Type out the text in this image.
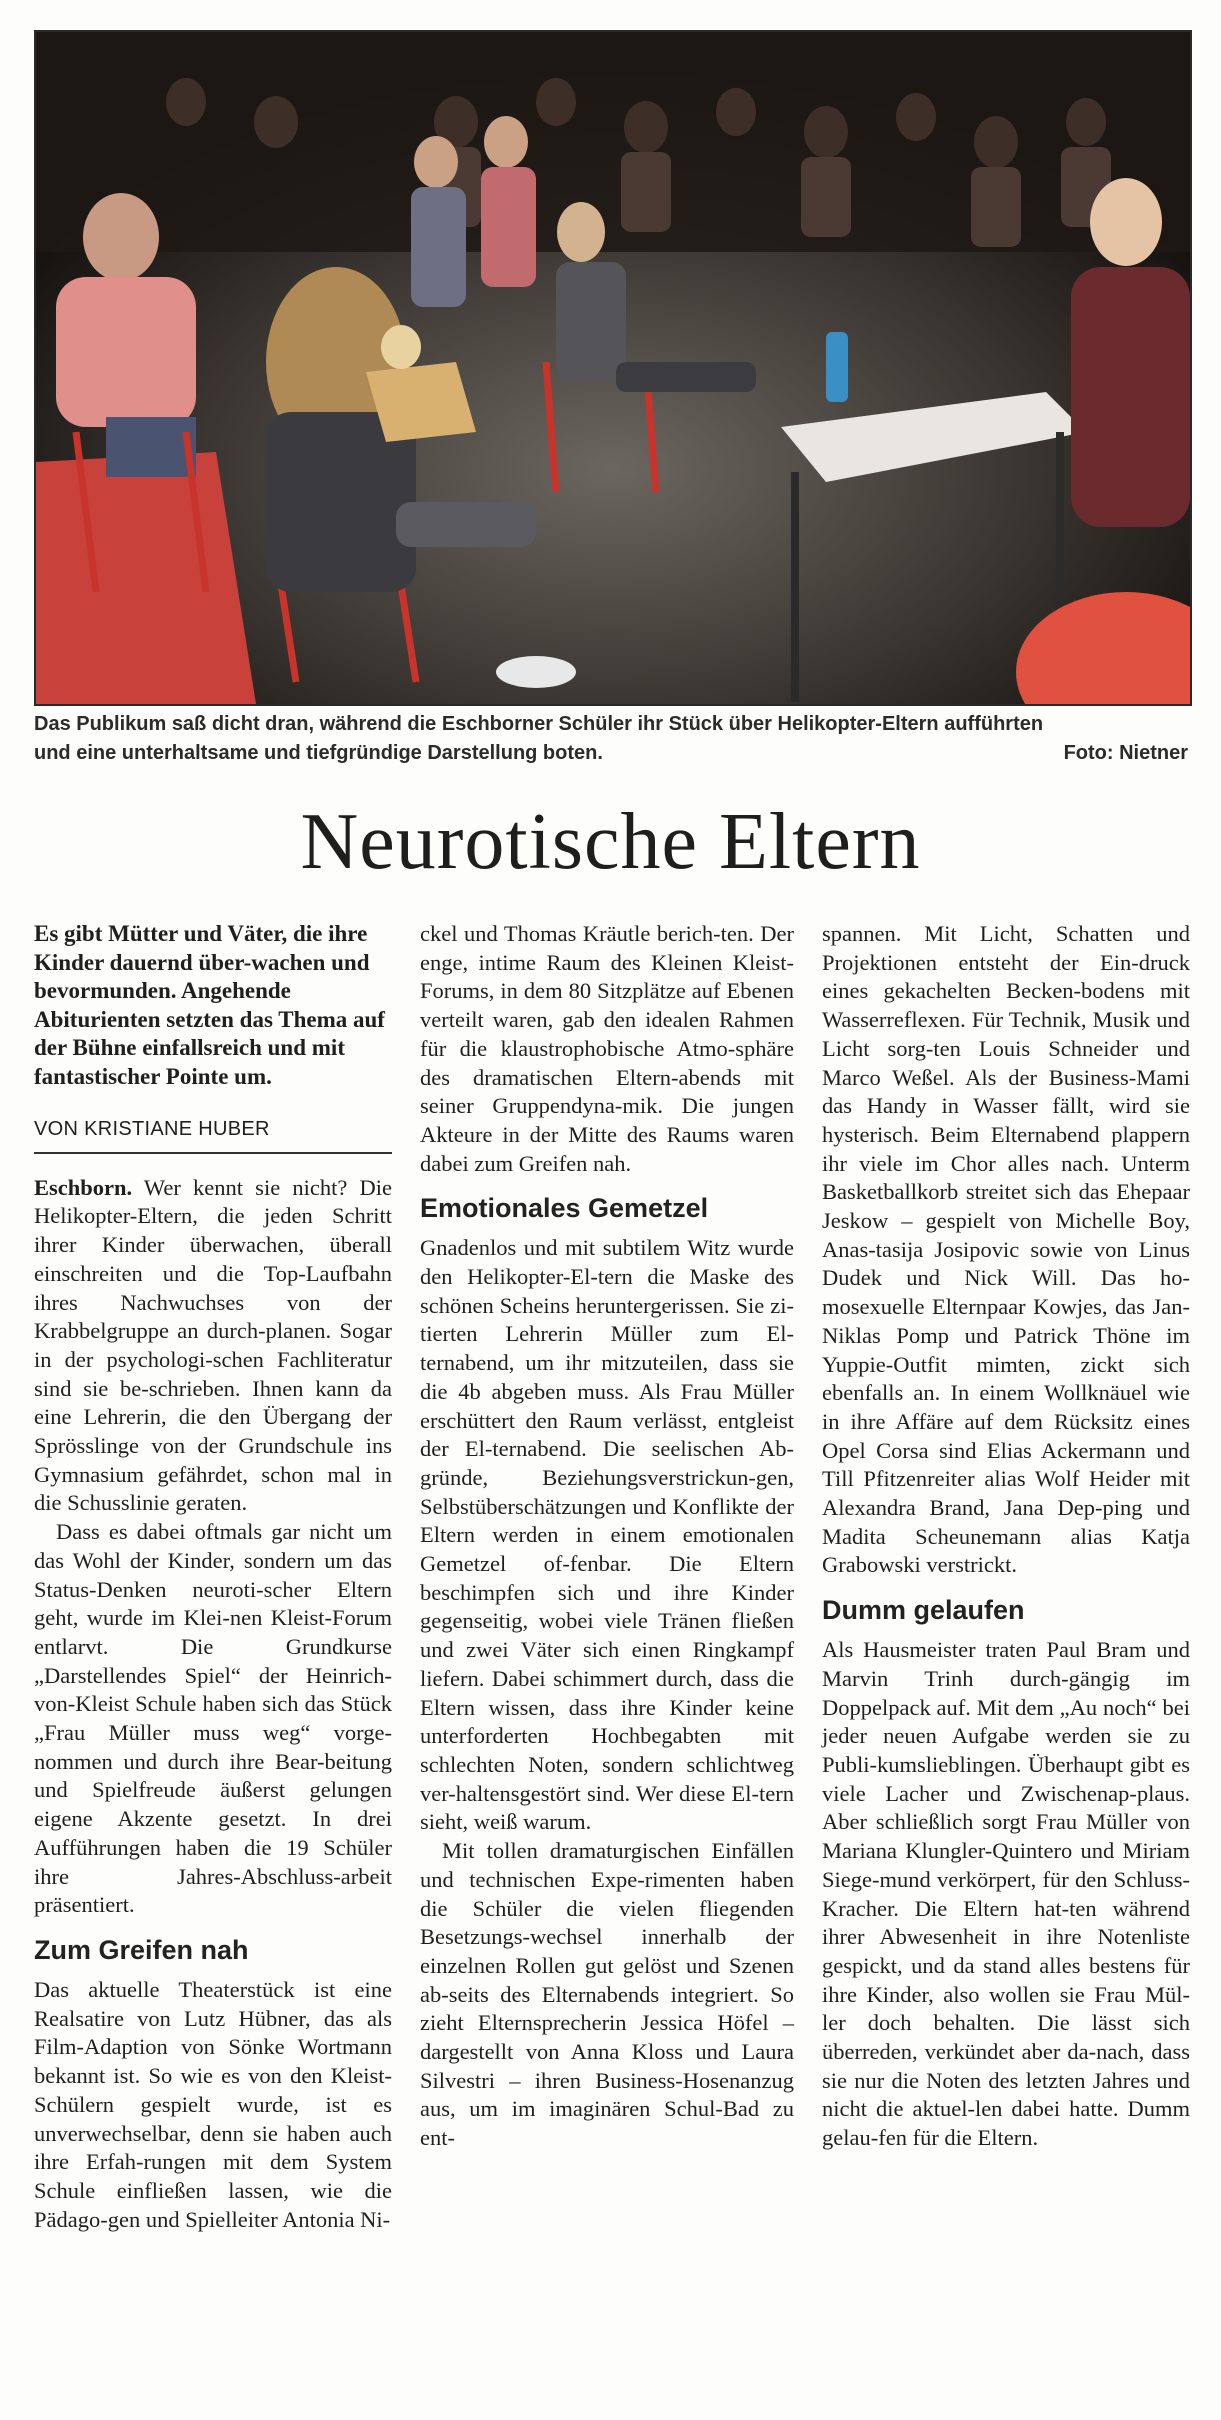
Das Publikum saß dicht dran, während die Eschborner Schüler ihr Stück über Helikopter-Eltern aufführten
und eine unterhaltsame und tiefgründige Darstellung boten.	Foto: Nietner
Neurotische Eltern

Es gibt Mütter und Väter, die ihre Kinder dauernd über-wachen und bevormunden. Angehende Abiturienten setzten das Thema auf der Bühne einfallsreich und mit fantastischer Pointe um.

VON KRISTIANE HUBER

Eschborn. Wer kennt sie nicht? Die Helikopter-Eltern, die jeden Schritt ihrer Kinder überwachen, überall einschreiten und die Top-Laufbahn ihres Nachwuchses von der Krabbelgruppe an durch-planen. Sogar in der psychologi-schen Fachliteratur sind sie be-schrieben. Ihnen kann da eine Lehrerin, die den Übergang der Sprösslinge von der Grundschule ins Gymnasium gefährdet, schon mal in die Schusslinie geraten.

Dass es dabei oftmals gar nicht um das Wohl der Kinder, sondern um das Status-Denken neuroti-scher Eltern geht, wurde im Klei-nen Kleist-Forum entlarvt. Die Grundkurse „Darstellendes Spiel“ der Heinrich-von-Kleist Schule haben sich das Stück „Frau Müller muss weg“ vorge-nommen und durch ihre Bear-beitung und Spielfreude äußerst gelungen eigene Akzente gesetzt. In drei Aufführungen haben die 19 Schüler ihre Jahres-Abschluss-arbeit präsentiert.

Zum Greifen nah

Das aktuelle Theaterstück ist eine Realsatire von Lutz Hübner, das als Film-Adaption von Sönke Wortmann bekannt ist. So wie es von den Kleist-Schülern gespielt wurde, ist es unverwechselbar, denn sie haben auch ihre Erfah-rungen mit dem System Schule einfließen lassen, wie die Pädago-gen und Spielleiter Antonia Ni-

ckel und Thomas Kräutle berich-ten. Der enge, intime Raum des Kleinen Kleist-Forums, in dem 80 Sitzplätze auf Ebenen verteilt waren, gab den idealen Rahmen für die klaustrophobische Atmo-sphäre des dramatischen Eltern-abends mit seiner Gruppendyna-mik. Die jungen Akteure in der Mitte des Raums waren dabei zum Greifen nah.

Emotionales Gemetzel

Gnadenlos und mit subtilem Witz wurde den Helikopter-El-tern die Maske des schönen Scheins heruntergerissen. Sie zi-tierten Lehrerin Müller zum El-ternabend, um ihr mitzuteilen, dass sie die 4b abgeben muss. Als Frau Müller erschüttert den Raum verlässt, entgleist der El-ternabend. Die seelischen Ab-gründe, Beziehungsverstrickun-gen, Selbstüberschätzungen und Konflikte der Eltern werden in einem emotionalen Gemetzel of-fenbar. Die Eltern beschimpfen sich und ihre Kinder gegenseitig, wobei viele Tränen fließen und zwei Väter sich einen Ringkampf liefern. Dabei schimmert durch, dass die Eltern wissen, dass ihre Kinder keine unterforderten Hochbegabten mit schlechten Noten, sondern schlichtweg ver-haltensgestört sind. Wer diese El-tern sieht, weiß warum.

Mit tollen dramaturgischen Einfällen und technischen Expe-rimenten haben die Schüler die vielen fliegenden Besetzungs-wechsel innerhalb der einzelnen Rollen gut gelöst und Szenen ab-seits des Elternabends integriert. So zieht Elternsprecherin Jessica Höfel – dargestellt von Anna Kloss und Laura Silvestri – ihren Business-Hosenanzug aus, um im imaginären Schul-Bad zu ent-

spannen. Mit Licht, Schatten und Projektionen entsteht der Ein-druck eines gekachelten Becken-bodens mit Wasserreflexen. Für Technik, Musik und Licht sorg-ten Louis Schneider und Marco Weßel. Als der Business-Mami das Handy in Wasser fällt, wird sie hysterisch. Beim Elternabend plappern ihr viele im Chor alles nach. Unterm Basketballkorb streitet sich das Ehepaar Jeskow – gespielt von Michelle Boy, Anas-tasija Josipovic sowie von Linus Dudek und Nick Will. Das ho-mosexuelle Elternpaar Kowjes, das Jan-Niklas Pomp und Patrick Thöne im Yuppie-Outfit mimten, zickt sich ebenfalls an. In einem Wollknäuel wie in ihre Affäre auf dem Rücksitz eines Opel Corsa sind Elias Ackermann und Till Pfitzenreiter alias Wolf Heider mit Alexandra Brand, Jana Dep-ping und Madita Scheunemann alias Katja Grabowski verstrickt.

Dumm gelaufen

Als Hausmeister traten Paul Bram und Marvin Trinh durch-gängig im Doppelpack auf. Mit dem „Au noch“ bei jeder neuen Aufgabe werden sie zu Publi-kumslieblingen. Überhaupt gibt es viele Lacher und Zwischenap-plaus. Aber schließlich sorgt Frau Müller von Mariana Klungler-Quintero und Miriam Siege-mund verkörpert, für den Schluss-Kracher. Die Eltern hat-ten während ihrer Abwesenheit in ihre Notenliste gespickt, und da stand alles bestens für ihre Kinder, also wollen sie Frau Mül-ler doch behalten. Die lässt sich überreden, verkündet aber da-nach, dass sie nur die Noten des letzten Jahres und nicht die aktuel-len dabei hatte. Dumm gelau-fen für die Eltern.
